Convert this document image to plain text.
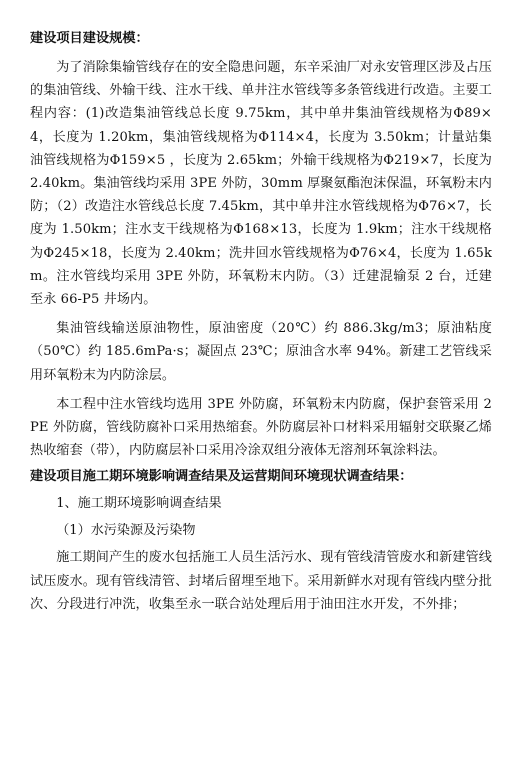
建设项目建设规模：

为了消除集输管线存在的安全隐患问题，东辛采油厂对永安管理区涉及占压的集油管线、外输干线、注水干线、单井注水管线等多条管线进行改造。主要工程内容：(1)改造集油管线总长度 9.75km，其中单井集油管线规格为Φ89×4，长度为 1.20km，集油管线规格为Φ114×4，长度为 3.50km；计量站集油管线规格为Φ159×5 ，长度为 2.65km；外输干线规格为Φ219×7，长度为 2.40km。集油管线均采用 3PE 外防，30mm 厚聚氨酯泡沫保温，环氧粉末内防；（2）改造注水管线总长度 7.45km，其中单井注水管线规格为Φ76×7，长度为 1.50km；注水支干线规格为Φ168×13，长度为 1.9km；注水干线规格为Φ245×18，长度为 2.40km；洗井回水管线规格为Φ76×4，长度为 1.65km。注水管线均采用 3PE 外防，环氧粉末内防。（3）迁建混输泵 2 台，迁建至永 66-P5 井场内。

集油管线输送原油物性，原油密度（20℃）约 886.3kg/m3；原油粘度（50℃）约 185.6mPa·s；凝固点 23℃；原油含水率 94%。新建工艺管线采用环氧粉末为内防涂层。

本工程中注水管线均选用 3PE 外防腐，环氧粉末内防腐，保护套管采用 2PE 外防腐，管线防腐补口采用热缩套。外防腐层补口材料采用辐射交联聚乙烯热收缩套（带），内防腐层补口采用冷涂双组分液体无溶剂环氧涂料法。

建设项目施工期环境影响调查结果及运营期间环境现状调查结果：

1、施工期环境影响调查结果

（1）水污染源及污染物

施工期间产生的废水包括施工人员生活污水、现有管线清管废水和新建管线试压废水。现有管线清管、封堵后留埋至地下。采用新鲜水对现有管线内壁分批次、分段进行冲洗，收集至永一联合站处理后用于油田注水开发，不外排；
